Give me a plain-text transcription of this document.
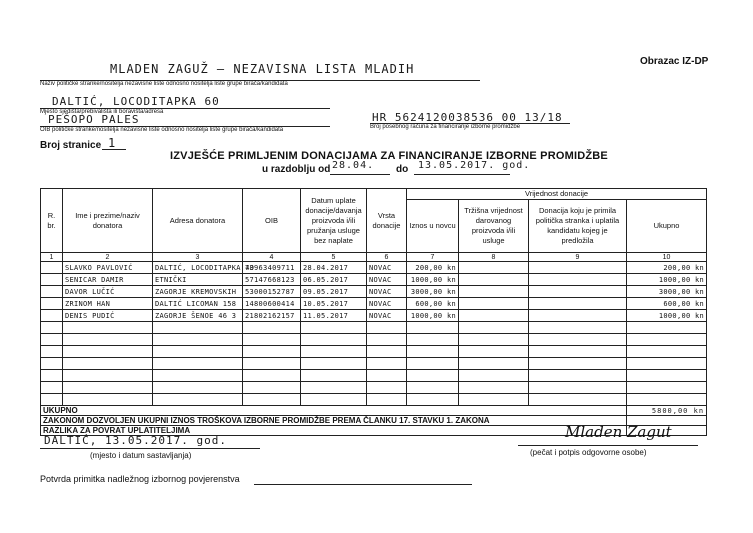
Obrazac IZ-DP
MLADEN ZAGUŽ – NEZAVISNA LISTA MLADIH
Naziv političke stranke/nositelja nezavisne liste odnosno nositelja liste grupe birača/kandidata
DALTIĆ, LOCODITAPKA 60
Mjesto sjedišta/prebivališta ili boravišta/adresa
PEŠOPO PALES
OIB političke stranke/nositelja nezavisne liste odnosno nositelja liste grupe birača/kandidata
HR 5624120038536 00 13/18
Broj posebnog računa za financiranje izborne promidžbe
Broj stranice 1
IZVJEŠĆE PRIMLJENIM DONACIJAMA ZA FINANCIRANJE IZBORNE PROMIDŽBE
u razdoblju od 28.04. do 13.05.2017. god.
R. br.	Ime i prezime/naziv donatora	Adresa donatora	OIB	Datum uplate donacije/davanja proizvoda i/ili pružanja usluge bez naplate	Vrsta donacije	Vrijednost donacije			
						Iznos u novcu	Tržišna vrijednost darovanog proizvoda i/ili usluge	Donacija koju je primila politička stranka i uplatila kandidatu kojeg je predložila	Ukupno
1	2	3	4	5	6	7	8	9	10
	SLAVKO PAVLOVIĆ	DALTIĆ, LOCODITAPKA 40	73963409711	28.04.2017	NOVAC	200,00 kn			200,00 kn
	SENICAR DAMIR	ETNIČKI	57147668123	06.05.2017	NOVAC	1000,00 kn			1000,00 kn
	DAVOR LUČIĆ	ZAGORJE KREMOVSKIH	53000152787	09.05.2017	NOVAC	3000,00 kn			3000,00 kn
	ZRINOM HAN	DALTIĆ LICOMAN 158	14800600414	10.05.2017	NOVAC	600,00 kn			600,00 kn
	DENIS PUDIĆ	ZAGORJE ŠENOE 46 3	21802162157	11.05.2017	NOVAC	1000,00 kn			1000,00 kn

UKUPNO									5800,00 kn
ZAKONOM DOZVOLJEN UKUPNI IZNOS TROŠKOVA IZBORNE PROMIDŽBE PREMA ČLANKU 17. STAVKU 1. ZAKONA									
RAZLIKA ZA POVRAT UPLATITELJIMA									
DALTIĆ, 13.05.2017. god.
(mjesto i datum sastavljanja)
Mladen Zagut
(pečat i potpis odgovorne osobe)
Potvrda primitka nadležnog izbornog povjerenstva
